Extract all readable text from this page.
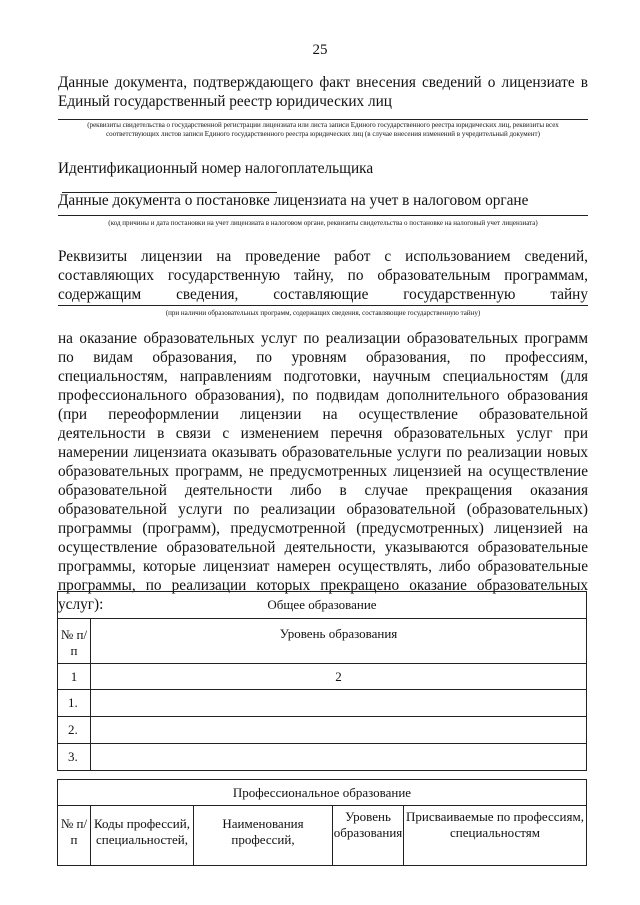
25
Данные документа, подтверждающего факт внесения сведений о лицензиате в
Единый государственный реестр юридических лиц
(реквизиты свидетельства о государственной регистрации лицензиата или листа записи Единого государственного реестра юридических лиц, реквизиты всех
соответствующих листов записи Единого государственного реестра юридических лиц (в случае внесения изменений в учредительный документ)
Идентификационный номер налогоплательщика
Данные документа о постановке лицензиата на учет в налоговом органе
(код причины и дата постановки на учет лицензиата в налоговом органе, реквизиты свидетельства о постановке на налоговый учет лицензиата)
Реквизиты лицензии на проведение работ с использованием сведений,
составляющих государственную тайну, по образовательным программам,
содержащим сведения, составляющие государственную тайну
(при наличии образовательных программ, содержащих сведения, составляющие государственную тайну)
на оказание образовательных услуг по реализации образовательных программ по видам образования, по уровням образования, по профессиям, специальностям, направлениям подготовки, научным специальностям (для профессионального образования), по подвидам дополнительного образования (при переоформлении лицензии на осуществление образовательной деятельности в связи с изменением перечня образовательных услуг при намерении лицензиата оказывать образовательные услуги по реализации новых образовательных программ, не предусмотренных лицензией на осуществление образовательной деятельности либо в случае прекращения оказания образовательной услуги по реализации образовательной (образовательных) программы (программ), предусмотренной (предусмотренных) лицензией на осуществление образовательной деятельности, указываются образовательные программы, которые лицензиат намерен осуществлять, либо образовательные программы, по реализации которых прекращено оказание образовательных услуг):	Общее образование	
№ п/п	Уровень образования
1	2
1.	
2.	
3.	
Профессиональное образование
№ п/п	Коды профессий, специальностей,	Наименования профессий,	Уровень образования	Присваиваемые по профессиям, специальностям
